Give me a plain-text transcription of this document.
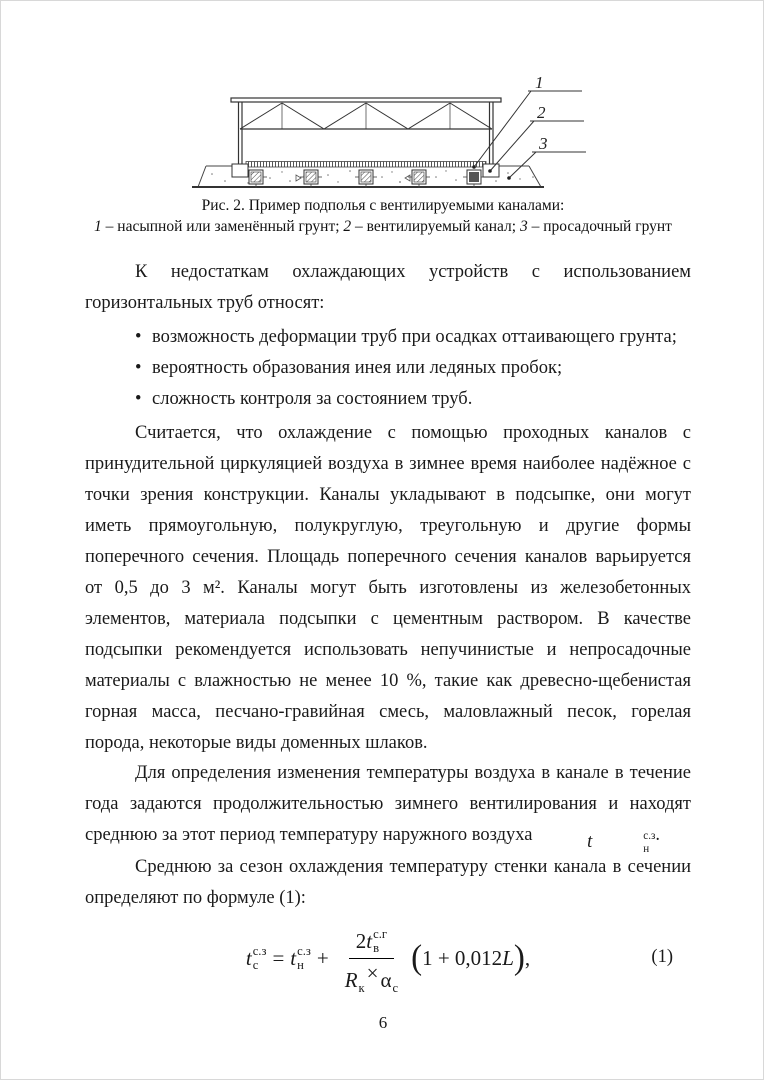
1
2
3
Рис. 2. Пример подполья с вентилируемыми каналами:
1 – насыпной или заменённый грунт; 2 – вентилируемый канал; 3 – просадочный грунт
К недостаткам охлаждающих устройств с использованием горизонтальных труб относят:
• возможность деформации труб при осадках оттаивающего грунта;
• вероятность образования инея или ледяных пробок;
• сложность контроля за состоянием труб.
Считается, что охлаждение с помощью проходных каналов с принудительной циркуляцией воздуха в зимнее время наиболее надёжное с точки зрения конструкции. Каналы укладывают в подсыпке, они могут иметь прямоугольную, полукруглую, треугольную и другие формы поперечного сечения. Площадь поперечного сечения каналов варьируется от 0,5 до 3 м². Каналы могут быть изготовлены из железобетонных элементов, материала подсыпки с цементным раствором. В качестве подсыпки рекомендуется использовать непучинистые и непросадочные материалы с влажностью не менее 10 %, такие как древесно-щебенистая горная масса, песчано-гравийная смесь, маловлажный песок, горелая порода, некоторые виды доменных шлаков.
Для определения изменения температуры воздуха в канале в течение года задаются продолжительностью зимнего вентилирования и находят среднюю за этот период температуру наружного воздуха	t	с.з
н
.
Среднюю за сезон охлаждения температуру стенки канала в сечении определяют по формуле (1):
t с.з
с = t с.з
н + 2 t с.г
в
R
к
× α
с ( 1 + 0,012 L ) ,	(1)
6
